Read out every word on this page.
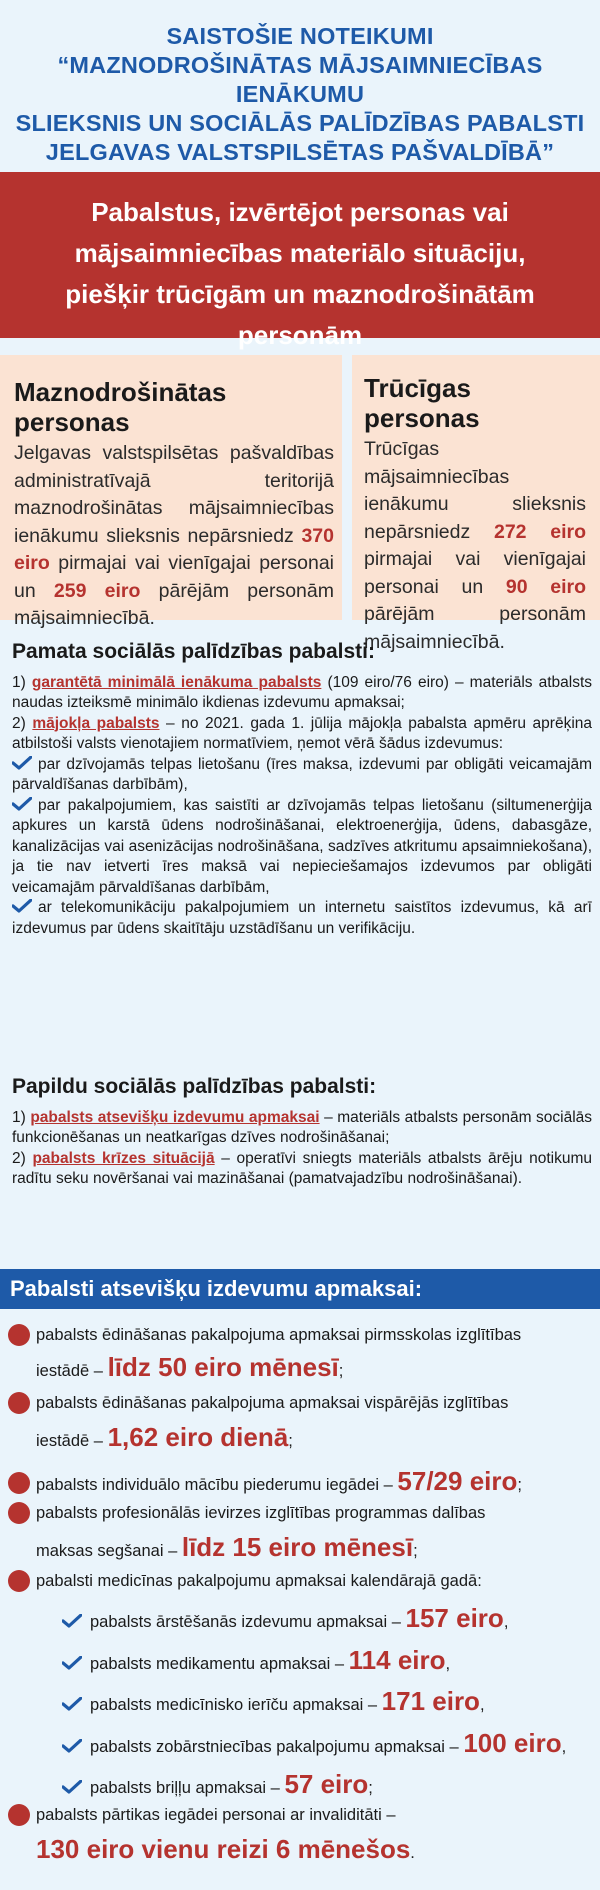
SAISTOŠIE NOTEIKUMI
“MAZNODROŠINĀTAS MĀJSAIMNIECĪBAS IENĀKUMU
SLIEKSNIS UN SOCIĀLĀS PALĪDZĪBAS PABALSTI
JELGAVAS VALSTSPILSĒTAS PAŠVALDĪBĀ”
Pabalstus, izvērtējot personas vai
mājsaimniecības materiālo situāciju,
piešķir trūcīgām un maznodrošinātām personām
Maznodrošinātas personas

Jelgavas valstspilsētas pašvaldības administratīvajā teritorijā maznodrošinātas mājsaimniecības ienākumu slieksnis nepārsniedz 370 eiro pirmajai vai vienīgajai personai un 259 eiro pārējām personām mājsaimniecībā.

Trūcīgas personas

Trūcīgas mājsaimniecības ienākumu slieksnis nepārsniedz 272 eiro pirmajai vai vienīgajai personai un 90 eiro pārējām personām mājsaimniecībā.

Pamata sociālās palīdzības pabalsti:

1) garantētā minimālā ienākuma pabalsts (109 eiro/76 eiro) – materiāls atbalsts naudas izteiksmē minimālo ikdienas izdevumu apmaksai;

2) mājokļa pabalsts – no 2021. gada 1. jūlija mājokļa pabalsta apmēru aprēķina atbilstoši valsts vienotajiem normatīviem, ņemot vērā šādus izdevumus:

par dzīvojamās telpas lietošanu (īres maksa, izdevumi par obligāti veicamajām pārvaldīšanas darbībām),

par pakalpojumiem, kas saistīti ar dzīvojamās telpas lietošanu (siltumenerģija apkures un karstā ūdens nodrošināšanai, elektroenerģija, ūdens, dabasgāze, kanalizācijas vai asenizācijas nodrošināšana, sadzīves atkritumu apsaimniekošana), ja tie nav ietverti īres maksā vai nepieciešamajos izdevumos par obligāti veicamajām pārvaldīšanas darbībām,

ar telekomunikāciju pakalpojumiem un internetu saistītos izdevumus, kā arī izdevumus par ūdens skaitītāju uzstādīšanu un verifikāciju.

Papildu sociālās palīdzības pabalsti:

1) pabalsts atsevišķu izdevumu apmaksai – materiāls atbalsts personām sociālās funkcionēšanas un neatkarīgas dzīves nodrošināšanai;

2) pabalsts krīzes situācijā – operatīvi sniegts materiāls atbalsts ārēju notikumu radītu seku novēršanai vai mazināšanai (pamatvajadzību nodrošināšanai).

Pabalsti atsevišķu izdevumu apmaksai:
pabalsts ēdināšanas pakalpojuma apmaksai pirmsskolas izglītības
iestādē – līdz 50 eiro mēnesī;
pabalsts ēdināšanas pakalpojuma apmaksai vispārējās izglītības
iestādē – 1,62 eiro dienā;
pabalsts individuālo mācību piederumu iegādei – 57/29 eiro;
pabalsts profesionālās ievirzes izglītības programmas dalības
maksas segšanai – līdz 15 eiro mēnesī;
pabalsti medicīnas pakalpojumu apmaksai kalendārajā gadā:
pabalsts ārstēšanās izdevumu apmaksai – 157 eiro,
pabalsts medikamentu apmaksai – 114 eiro,
pabalsts medicīnisko ierīču apmaksai – 171 eiro,
pabalsts zobārstniecības pakalpojumu apmaksai – 100 eiro,
pabalsts briļļu apmaksai – 57 eiro;
pabalsts pārtikas iegādei personai ar invaliditāti –
130 eiro vienu reizi 6 mēnešos.
